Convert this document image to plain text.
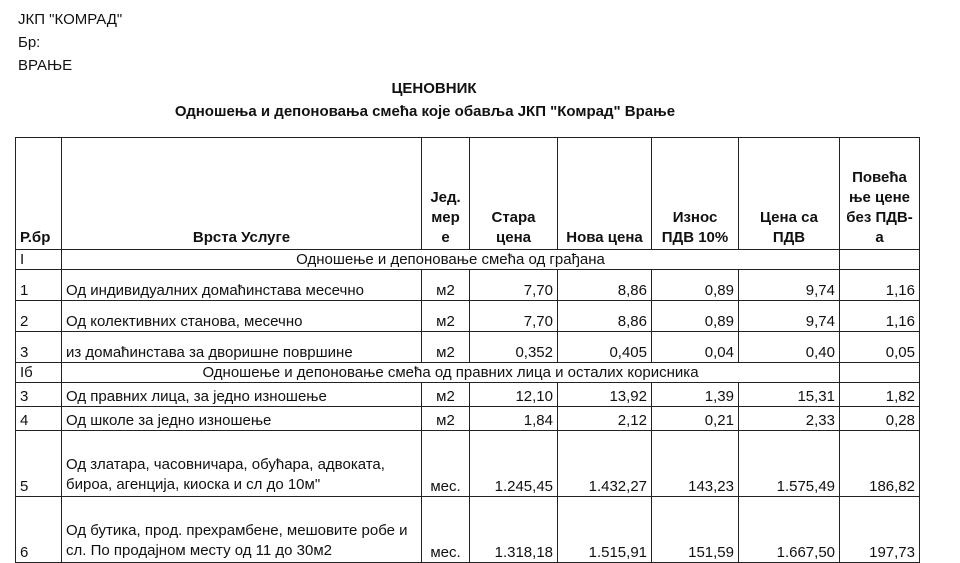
ЈКП "КОМРАД"
Бр:
ВРАЊЕ
ЦЕНОВНИК
Одношења и депоновања смећа које обавља ЈКП "Комрад" Врање
Р.бр	Врста Услуге	Јед. мер е	Стара цена	Нова цена	Износ ПДВ 10%	Цена са ПДВ	Повећа ње цене без ПДВ-а
I	Одношење и депоновање смећа од грађана						
1	Од индивидуалних домаћинстава месечно	м2	7,70	8,86	0,89	9,74	1,16
2	Од колективних станова, месечно	м2	7,70	8,86	0,89	9,74	1,16
3	из домаћинстава за дворишне површине	м2	0,352	0,405	0,04	0,40	0,05
Iб	Одношење и депоновање смећа од правних лица и осталих корисника						
3	Од правних лица, за једно изношење	м2	12,10	13,92	1,39	15,31	1,82
4	Од школе за једно изношење	м2	1,84	2,12	0,21	2,33	0,28
5	Од златара, часовничара, обућара, адвоката, бироа, агенција, киоска и сл до 10м"	мес.	1.245,45	1.432,27	143,23	1.575,49	186,82
6	Од бутика, прод. прехрамбене, мешовите робе и сл. По продајном месту од 11 до 30м2	мес.	1.318,18	1.515,91	151,59	1.667,50	197,73
